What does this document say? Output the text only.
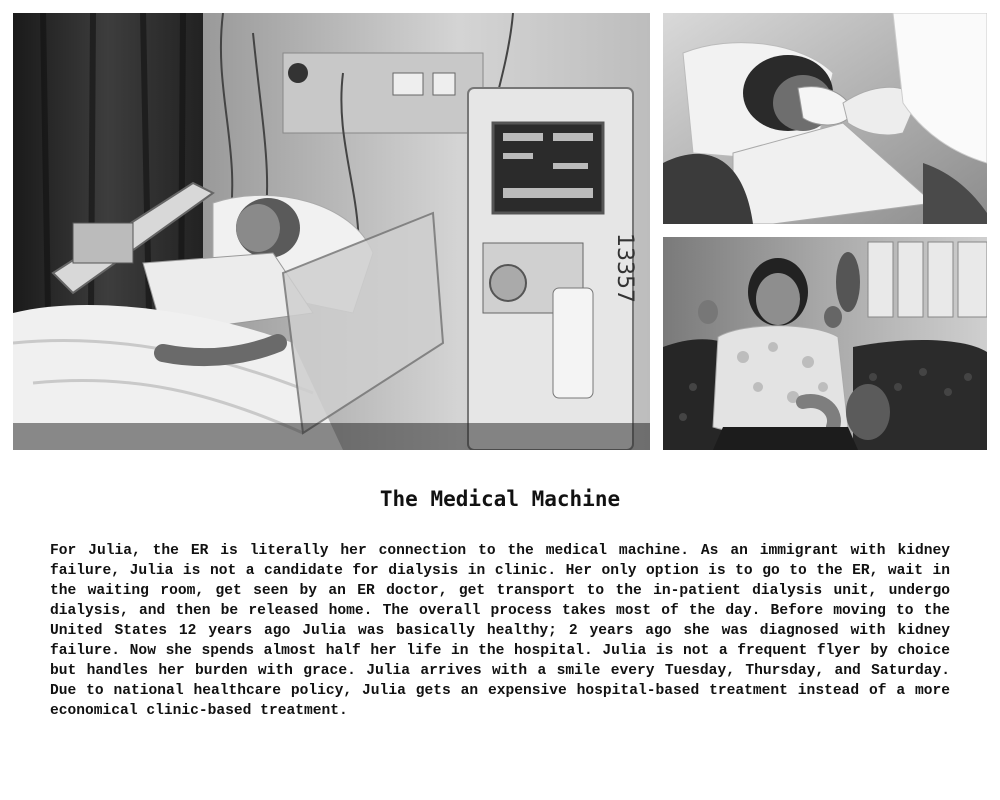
13357
The Medical Machine

For Julia, the ER is literally her connection to the medical machine. As an immigrant with kidney failure, Julia is not a candidate for dialysis in clinic. Her only option is to go to the ER, wait in the waiting room, get seen by an ER doctor, get transport to the in-patient dialysis unit, undergo dialysis, and then be released home. The overall process takes most of the day. Before moving to the United States 12 years ago Julia was basically healthy; 2 years ago she was diagnosed with kidney failure. Now she spends almost half her life in the hospital. Julia is not a frequent flyer by choice but handles her burden with grace. Julia arrives with a smile every Tuesday, Thursday, and Saturday. Due to national healthcare policy, Julia gets an expensive hospital-based treatment instead of a more economical clinic-based treatment.
